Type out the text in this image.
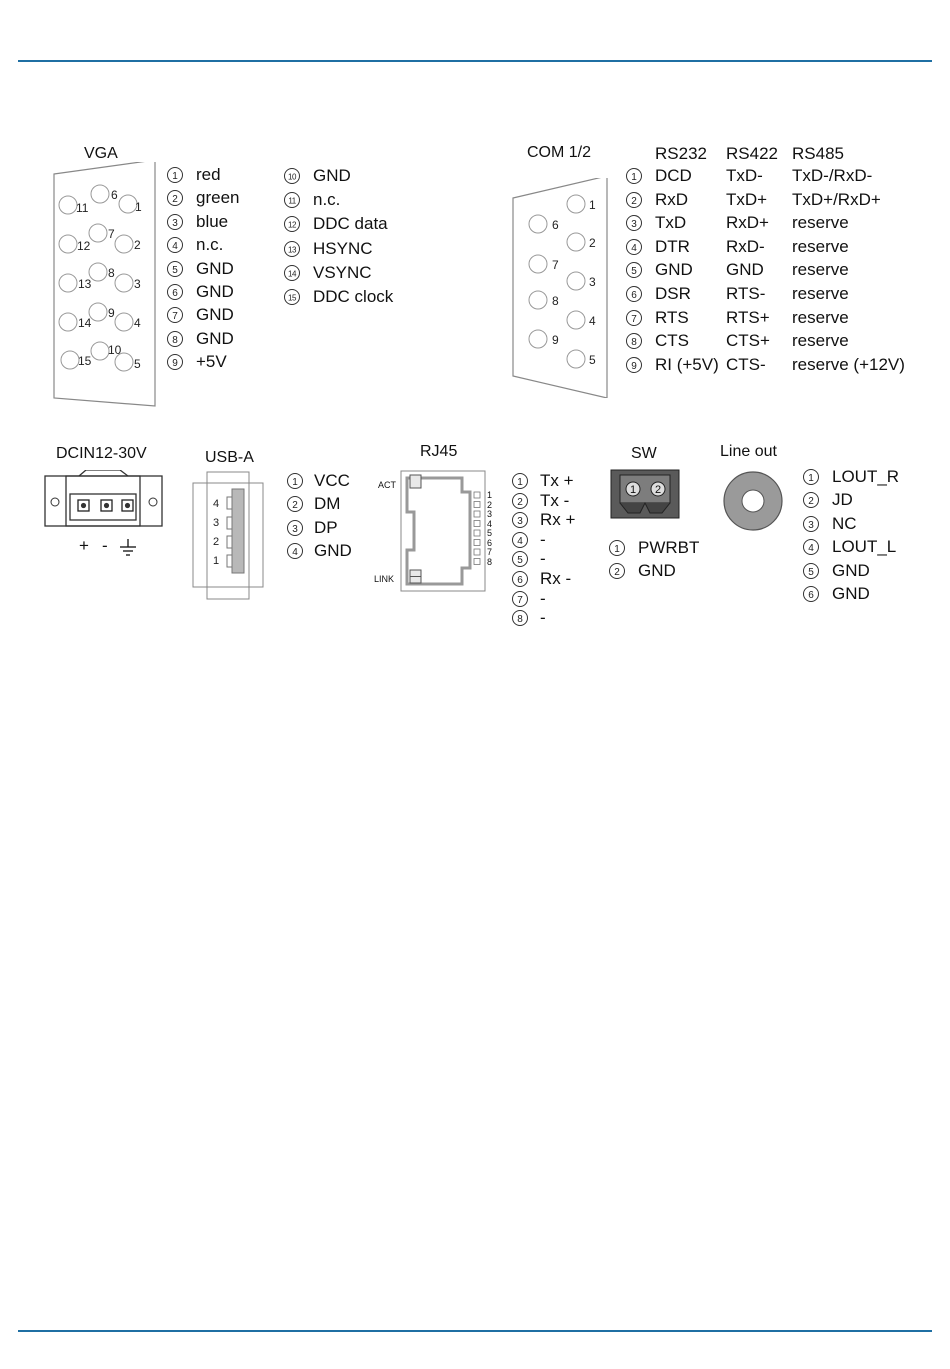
VGA
1
2
3
4
5
6
7
8
9
10
11
12
13
14
15
1 red
2 green
3 blue
4 n.c.
5 GND
6 GND
7 GND
8 GND
9 +5V
10 GND
11 n.c.
12 DDC data
13 HSYNC
14 VSYNC
15 DDC clock
COM 1/2
1
2
3
4
5
6
7
8
9
RS232 RS422 RS485
1 DCD TxD- TxD-/RxD-
2 RxD TxD+ TxD+/RxD+
3 TxD RxD+ reserve
4 DTR RxD- reserve
5 GND GND reserve
6 DSR RTS- reserve
7 RTS RTS+ reserve
8 CTS CTS+ reserve
9 RI (+5V) CTS- reserve (+12V)
DCIN12-30V
+ -
USB-A
4
3
2
1
1 VCC
2 DM
3 DP
4 GND
RJ45
ACT
LINK
1
2
3
4
5
6
7
8
1 Tx +
2 Tx -
3 Rx +
4 -
5 -
6 Rx -
7 -
8 -
SW
1 2
1 PWRBT
2 GND
Line out
1 LOUT_R
2 JD
3 NC
4 LOUT_L
5 GND
6 GND
